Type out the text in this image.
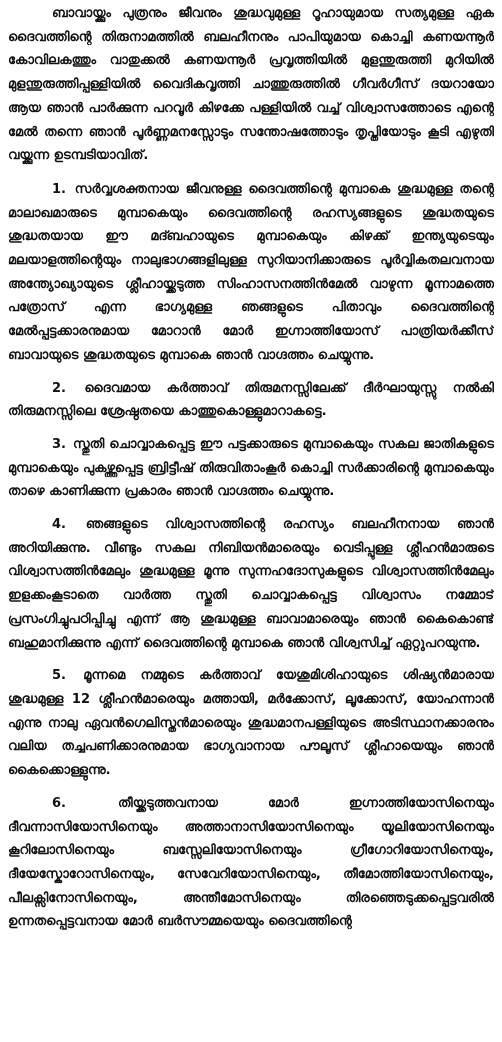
ബാവായ്ക്കും പുത്രനും ജീവനും ശുദ്ധവുമുള്ള റൂഹായുമായ സത്യമുള്ള ഏക ദൈവത്തിന്റെ തിരുനാമത്തിൽ ബലഹീനനും പാപിയുമായ കൊച്ചി കണയന്നൂർ കോവിലകത്തും വാതുക്കൽ കണയന്നൂർ പ്രവൃത്തിയിൽ മുളന്തുരുത്തി മുറിയിൽ മുളന്തുരുത്തിപ്പള്ളിയിൽ വൈദികവൃത്തി ചാത്തുരുത്തിൽ ഗീവർഗീസ് ദയറായോ ആയ ഞാൻ പാർക്കുന്ന പറവൂർ കിഴക്കേ പള്ളിയിൽ വച്ച് വിശ്വാസത്തോടെ എന്റെ മേൽ തന്നെ ഞാൻ പൂർണ്ണമനസ്സോടും സന്തോഷത്തോടും തൃപ്തിയോടും കൂടി എഴുതി വയ്ക്കുന്ന ഉടമ്പടിയാവിത്.

1. സർവ്വശക്തനായ ജീവനുള്ള ദൈവത്തിന്റെ മുമ്പാകെ ശുദ്ധമുള്ള തന്റെ മാലാഖമാരുടെ മുമ്പാകെയും ദൈവത്തിന്റെ രഹസ്യങ്ങളുടെ ശുദ്ധതയുടെ ശുദ്ധതയായ ഈ മദ്ബഹായുടെ മുമ്പാകെയും കിഴക്ക് ഇന്ത്യയുടെയും മലയാളത്തിന്റെയും നാലുഭാഗങ്ങളിലുള്ള സുറിയാനിക്കാരുടെ പൂർവ്വികതലവനായ അന്ത്യോഖ്യായുടെ ശ്ലീഹായ്ക്കടുത്ത സിംഹാസനത്തിൻമേൽ വാഴുന്ന മൂന്നാമത്തെ പത്രോസ് എന്ന ഭാഗ്യമുള്ള ഞങ്ങളുടെ പിതാവും ദൈവത്തിന്റെ മേൽപ്പട്ടക്കാരനുമായ മോറാൻ മോർ ഇഗ്നാത്തിയോസ് പാത്രിയർക്കീസ് ബാവായുടെ ശുദ്ധതയുടെ മുമ്പാകെ ഞാൻ വാഗ്ദത്തം ചെയ്യുന്നു.

2. ദൈവമായ കർത്താവ് തിരുമനസ്സിലേക്ക് ദീർഘായുസ്സു നൽകി തിരുമനസ്സിലെ ശ്രേഷ്ഠതയെ കാത്തുകൊള്ളുമാറാകട്ടെ.

3. സ്തുതി ചൊവ്വാകപ്പെട്ട ഈ പട്ടക്കാരുടെ മുമ്പാകെയും സകല ജാതികളുടെ മുമ്പാകെയും പുകഴ്ത്തപ്പെട്ട ബ്രിട്ടീഷ് തിരുവിതാംകൂർ കൊച്ചി സർക്കാരിന്റെ മുമ്പാകെയും താഴെ കാണിക്കുന്ന പ്രകാരം ഞാൻ വാഗ്ദത്തം ചെയ്യുന്നു.

4. ഞങ്ങളുടെ വിശ്വാസത്തിന്റെ രഹസ്യം ബലഹീനനായ ഞാൻ അറിയിക്കുന്നു. വീണ്ടും സകല നിബിയൻമാരെയും വെടിപ്പുള്ള ശ്ലീഹൻമാരുടെ വിശ്വാസത്തിൻമേലും ശുദ്ധമുള്ള മൂന്നു സുന്നഹദോസുകളുടെ വിശ്വാസത്തിൻമേലും ഇളക്കംകൂടാതെ വാർത്ത സ്തുതി ചൊവ്വാകപ്പെട്ട വിശ്വാസം നമ്മോട് പ്രസംഗിച്ചുപഠിപ്പിച്ചു എന്ന് ആ ശുദ്ധമുള്ള ബാവാമാരെയും ഞാൻ കൈകൊണ്ട് ബഹുമാനിക്കുന്നു എന്ന് ദൈവത്തിന്റെ മുമ്പാകെ ഞാൻ വിശ്വസിച്ച് ഏറ്റുപറയുന്നു.

5. മൂന്നമെ നമ്മുടെ കർത്താവ് യേശുമിശിഹായുടെ ശിഷ്യൻമാരായ ശുദ്ധമുള്ള 12 ശ്ലീഹൻമാരെയും മത്തായി, മർക്കോസ്, ലൂക്കോസ്, യോഹന്നാൻ എന്നു നാലു ഏവൻഗെലിസ്തൻമാരെയും ശുദ്ധമാനപള്ളിയുടെ അടിസ്ഥാനക്കാരനും വലിയ തച്ചപണിക്കാരനുമായ ഭാഗ്യവാനായ പൗലൂസ് ശ്ലീഹായെയും ഞാൻ കൈക്കൊള്ളുന്നു.

6.	തീയ്ക്കടുത്തവനായ മോർ ഇഗ്നാത്തിയോസിനെയും ദീവന്നാസിയോസിനെയും അത്താനാസിയോസിനെയും യൂലിയോസിനെയും കൂറിലോസിനെയും ബസ്സേലിയോസിനെയും ഗ്രീഗോറിയോസിനെയും, ദീയേസ്കോറോസിനെയും, സേവേറിയോസിനെയും, തീമോത്തിയോസിനെയും, പീലക്സിനോസിനെയും, അന്തീമോസിനെയും തിരഞ്ഞെടുക്കപ്പെട്ടവരിൽ ഉന്നതപ്പെട്ടവനായ മോർ ബർസൗമ്മയെയും ദൈവത്തിന്റെ
